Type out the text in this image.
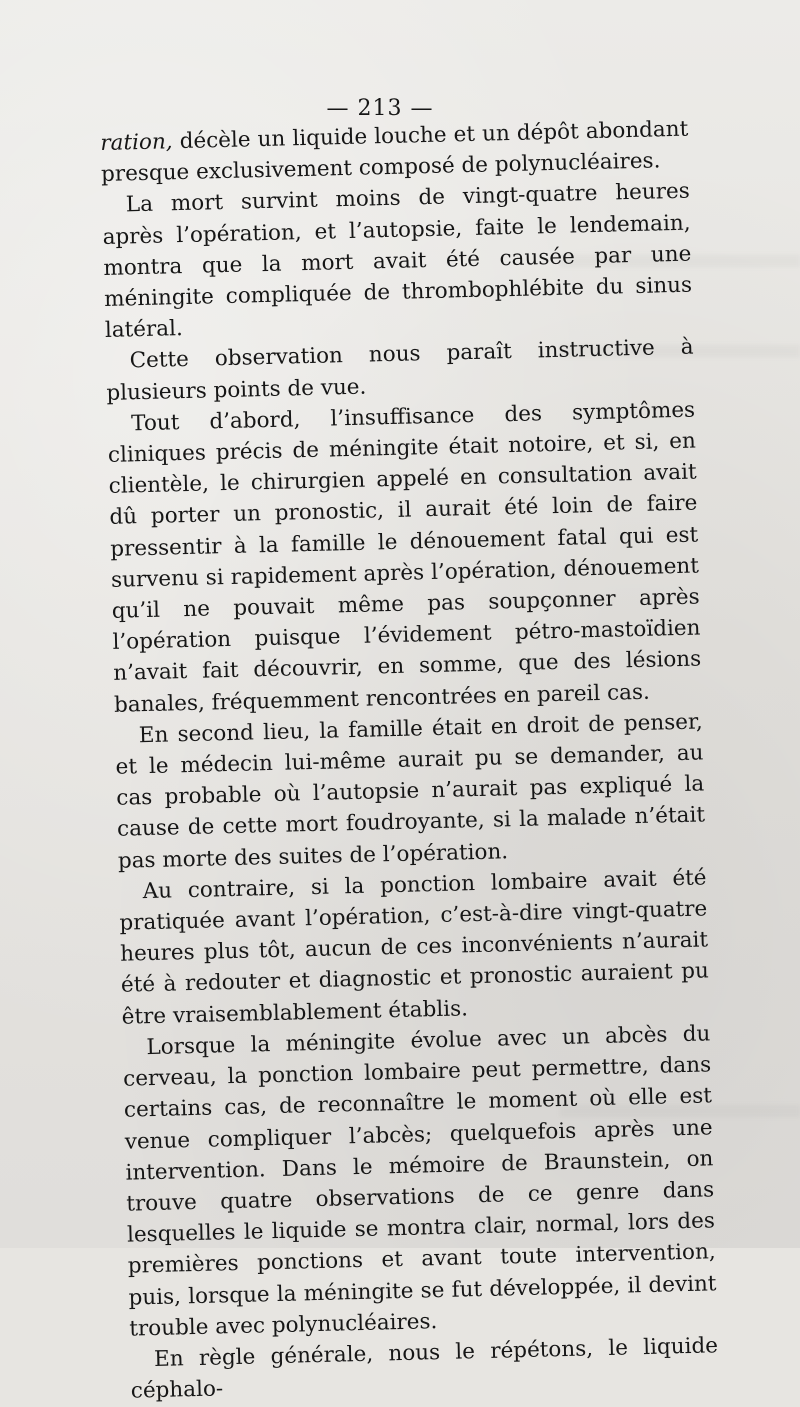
— 213 —

ration, décèle un liquide louche et un dépôt abondant presque exclusivement composé de polynucléaires.

La mort survint moins de vingt-quatre heures après l’opération, et l’autopsie, faite le lendemain, montra que la mort avait été causée par une méningite compliquée de thrombophlébite du sinus latéral.

Cette observation nous paraît instructive à plusieurs points de vue.

Tout d’abord, l’insuffisance des symptômes cliniques précis de méningite était notoire, et si, en clientèle, le chirurgien appelé en consultation avait dû porter un pronostic, il aurait été loin de faire pressentir à la famille le dénouement fatal qui est survenu si rapidement après l’opération, dénouement qu’il ne pouvait même pas soupçonner après l’opération puisque l’évidement pétro-mastoïdien n’avait fait découvrir, en somme, que des lésions banales, fréquemment rencontrées en pareil cas.

En second lieu, la famille était en droit de penser, et le médecin lui-même aurait pu se demander, au cas probable où l’autopsie n’aurait pas expliqué la cause de cette mort foudroyante, si la malade n’était pas morte des suites de l’opération.

Au contraire, si la ponction lombaire avait été pratiquée avant l’opération, c’est-à-dire vingt-quatre heures plus tôt, aucun de ces inconvénients n’aurait été à redouter et diagnostic et pronostic auraient pu être vraisemblablement établis.

Lorsque la méningite évolue avec un abcès du cerveau, la ponction lombaire peut permettre, dans certains cas, de reconnaître le moment où elle est venue compliquer l’abcès; quelquefois après une intervention. Dans le mémoire de Braunstein, on trouve quatre observations de ce genre dans lesquelles le liquide se montra clair, normal, lors des premières ponctions et avant toute intervention, puis, lorsque la méningite se fut développée, il devint trouble avec polynucléaires.

En règle générale, nous le répétons, le liquide céphalo-
